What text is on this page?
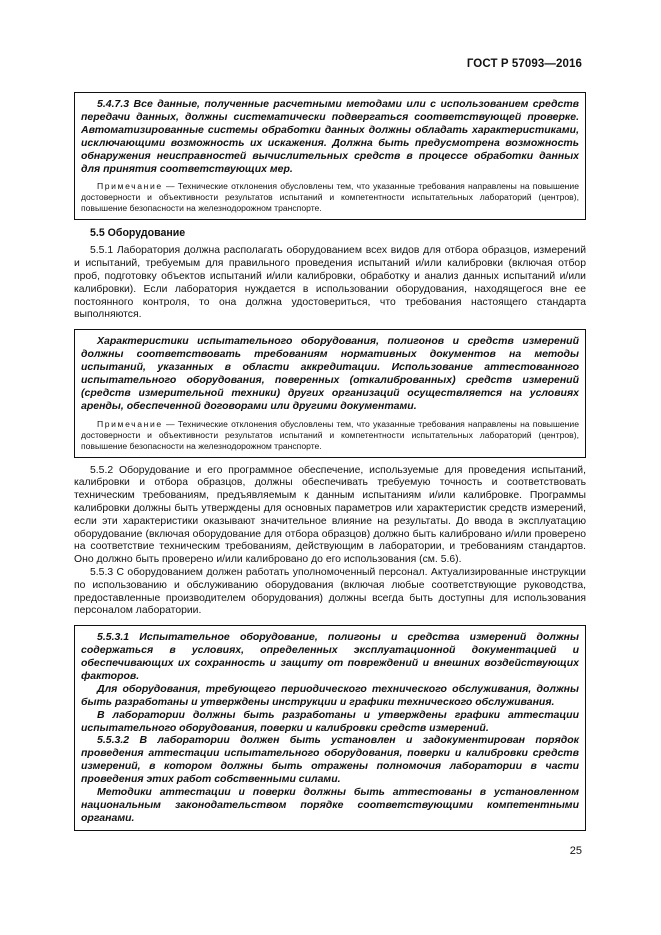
ГОСТ Р 57093—2016

5.4.7.3 Все данные, полученные расчетными методами или с использованием средств передачи данных, должны систематически подвергаться соответствующей проверке. Автоматизированные системы обработки данных должны обладать характеристиками, исключающими возможность их искажения. Должна быть предусмотрена возможность обнаружения неисправностей вычислительных средств в процессе обработки данных для принятия соответствующих мер.

Примечание — Технические отклонения обусловлены тем, что указанные требования направлены на повышение достоверности и объективности результатов испытаний и компетентности испытательных лабораторий (центров), повышение безопасности на железнодорожном транспорте.

5.5 Оборудование

5.5.1 Лаборатория должна располагать оборудованием всех видов для отбора образцов, измерений и испытаний, требуемым для правильного проведения испытаний и/или калибровки (включая отбор проб, подготовку объектов испытаний и/или калибровки, обработку и анализ данных испытаний и/или калибровки). Если лаборатория нуждается в использовании оборудования, находящегося вне ее постоянного контроля, то она должна удостовериться, что требования настоящего стандарта выполняются.

Характеристики испытательного оборудования, полигонов и средств измерений должны соответствовать требованиям нормативных документов на методы испытаний, указанных в области аккредитации. Использование аттестованного испытательного оборудования, поверенных (откалиброванных) средств измерений (средств измерительной техники) других организаций осуществляется на условиях аренды, обеспеченной договорами или другими документами.

Примечание — Технические отклонения обусловлены тем, что указанные требования направлены на повышение достоверности и объективности результатов испытаний и компетентности испытательных лабораторий (центров), повышение безопасности на железнодорожном транспорте.

5.5.2 Оборудование и его программное обеспечение, используемые для проведения испытаний, калибровки и отбора образцов, должны обеспечивать требуемую точность и соответствовать техническим требованиям, предъявляемым к данным испытаниям и/или калибровке. Программы калибровки должны быть утверждены для основных параметров или характеристик средств измерений, если эти характеристики оказывают значительное влияние на результаты. До ввода в эксплуатацию оборудование (включая оборудование для отбора образцов) должно быть калибровано и/или проверено на соответствие техническим требованиям, действующим в лаборатории, и требованиям стандартов. Оно должно быть проверено и/или калибровано до его использования (см. 5.6).

5.5.3 С оборудованием должен работать уполномоченный персонал. Актуализированные инструкции по использованию и обслуживанию оборудования (включая любые соответствующие руководства, предоставленные производителем оборудования) должны всегда быть доступны для использования персоналом лаборатории.

5.5.3.1 Испытательное оборудование, полигоны и средства измерений должны содержаться в условиях, определенных эксплуатационной документацией и обеспечивающих их сохранность и защиту от повреждений и внешних воздействующих факторов.

Для оборудования, требующего периодического технического обслуживания, должны быть разработаны и утверждены инструкции и графики технического обслуживания.

В лаборатории должны быть разработаны и утверждены графики аттестации испытательного оборудования, поверки и калибровки средств измерений.

5.5.3.2 В лаборатории должен быть установлен и задокументирован порядок проведения аттестации испытательного оборудования, поверки и калибровки средств измерений, в котором должны быть отражены полномочия лаборатории в части проведения этих работ собственными силами.

Методики аттестации и поверки должны быть аттестованы в установленном национальным законодательством порядке соответствующими компетентными органами.

25
